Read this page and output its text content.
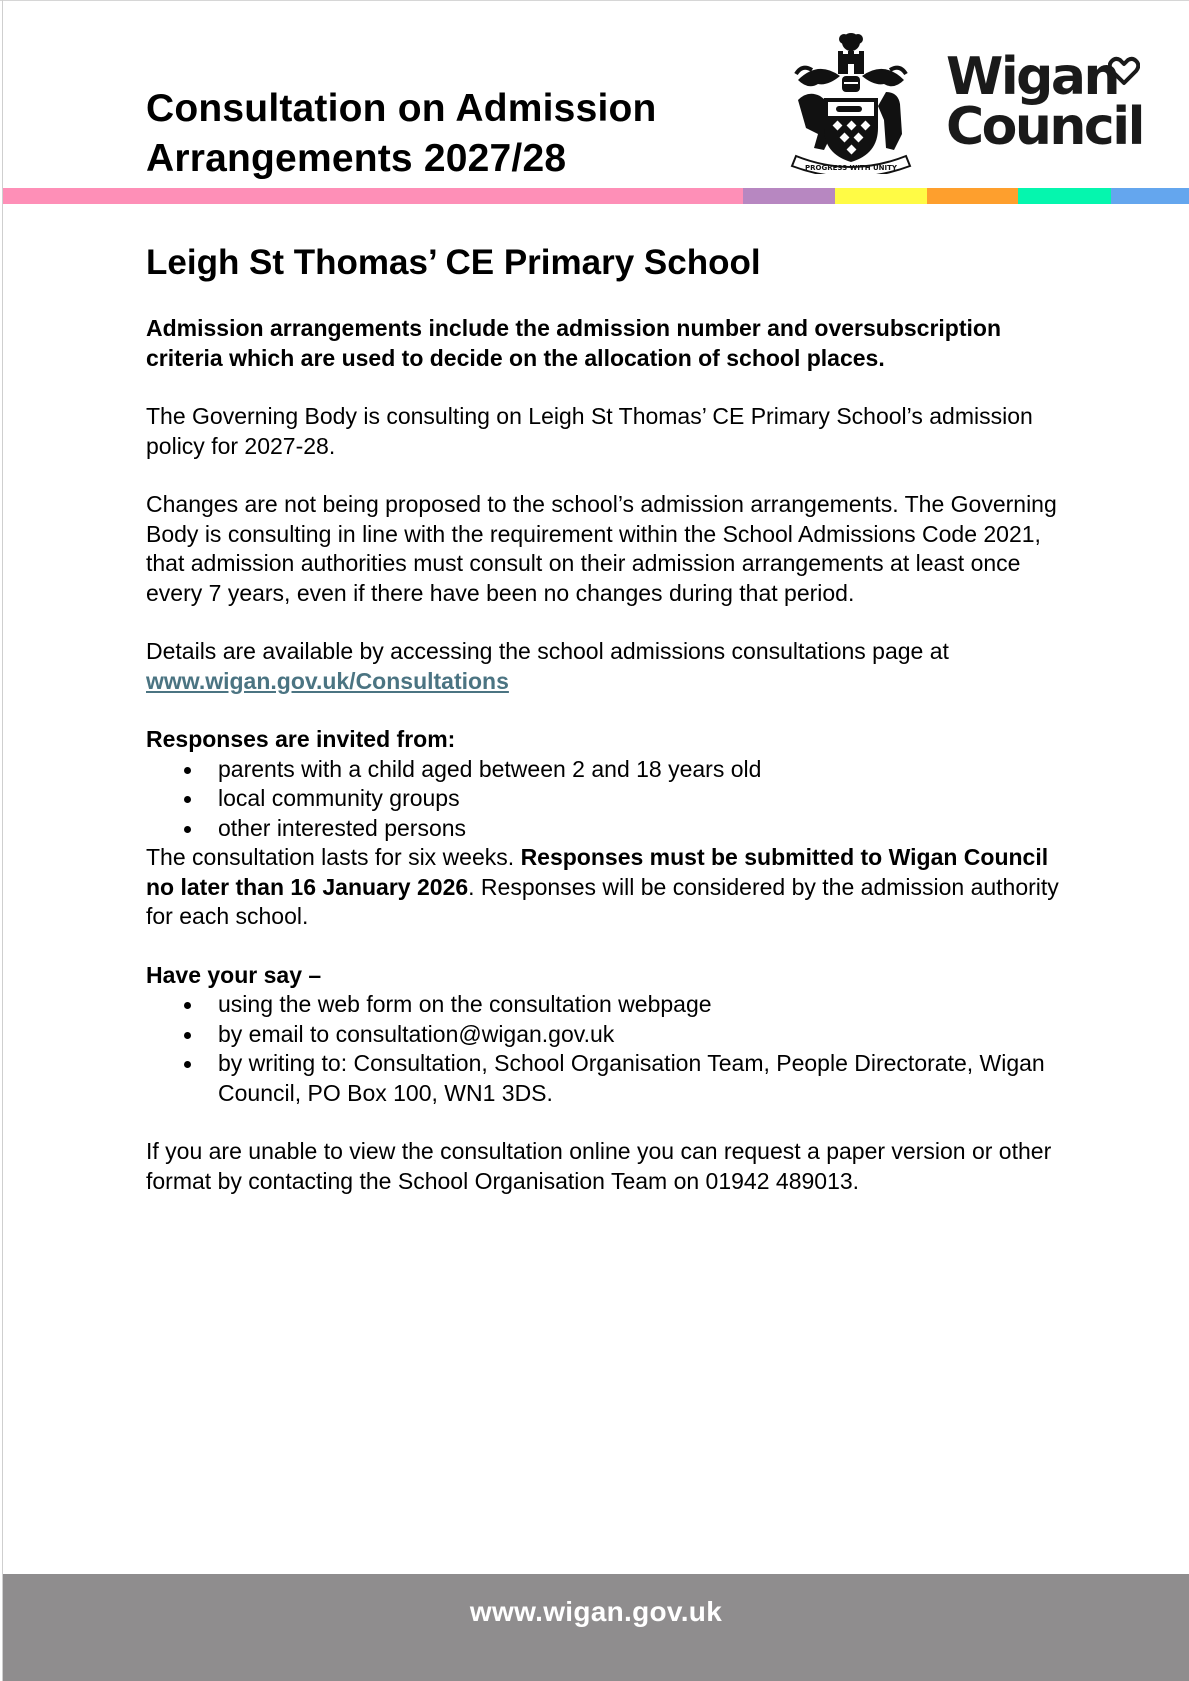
Consultation on Admission
Arrangements 2027/28	PROGRESS WITH UNITY
Wigan
Council
Leigh St Thomas’ CE Primary School

Admission arrangements include the admission number and oversubscription criteria which are used to decide on the allocation of school places.

The Governing Body is consulting on Leigh St Thomas’ CE Primary School’s admission policy for 2027-28.

Changes are not being proposed to the school’s admission arrangements. The Governing Body is consulting in line with the requirement within the School Admissions Code 2021, that admission authorities must consult on their admission arrangements at least once every 7 years, even if there have been no changes during that period.

Details are available by accessing the school admissions consultations page at www.wigan.gov.uk/Consultations

Responses are invited from:
parents with a child aged between 2 and 18 years old
local community groups
other interested persons

The consultation lasts for six weeks. Responses must be submitted to Wigan Council no later than 16 January 2026. Responses will be considered by the admission authority for each school.

Have your say –
using the web form on the consultation webpage
by email to consultation@wigan.gov.uk
by writing to: Consultation, School Organisation Team, People Directorate, Wigan Council, PO Box 100, WN1 3DS.

If you are unable to view the consultation online you can request a paper version or other format by contacting the School Organisation Team on 01942 489013.

www.wigan.gov.uk
